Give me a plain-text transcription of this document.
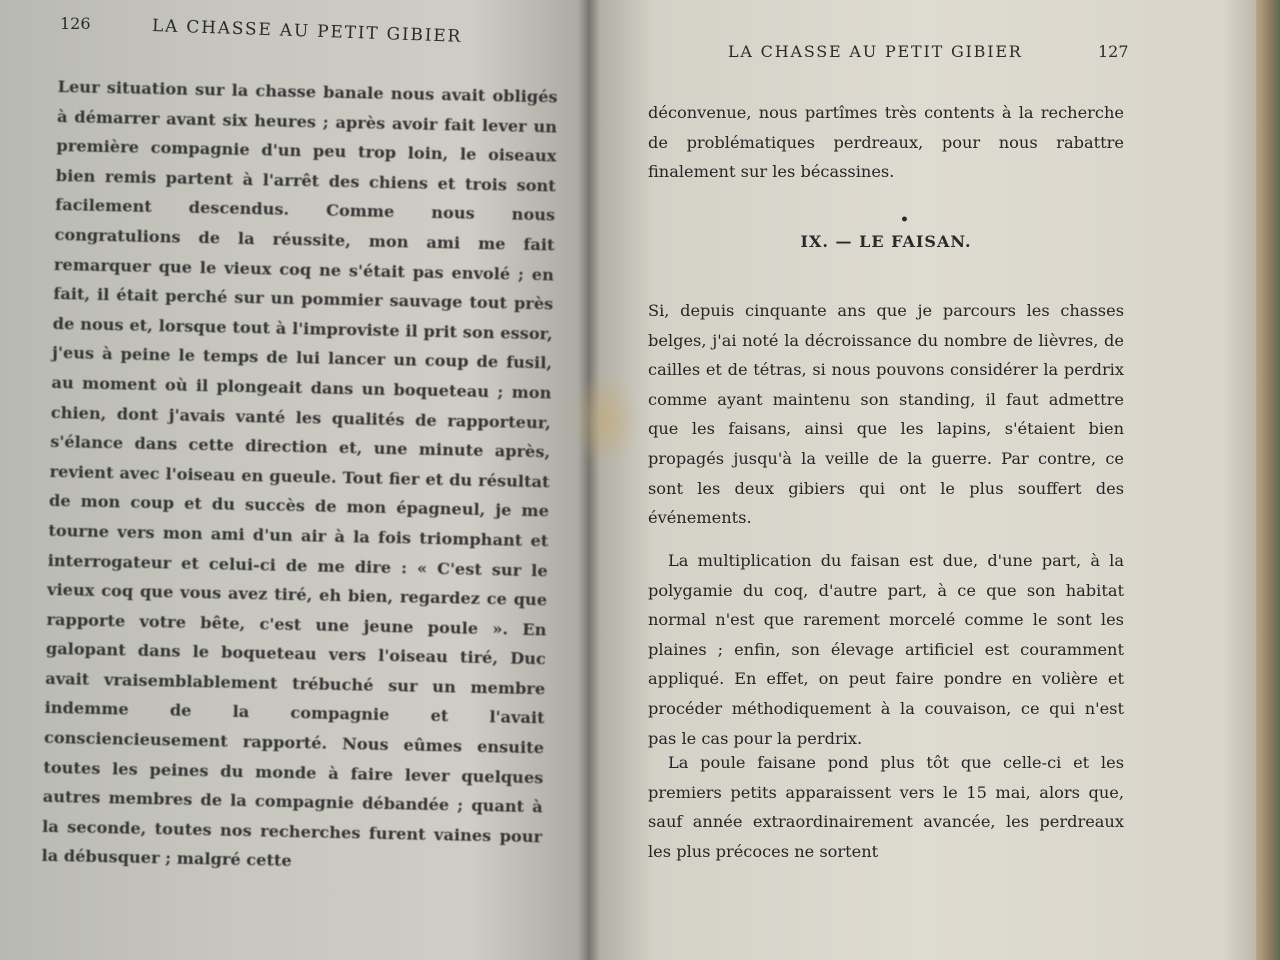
126	LA CHASSE AU PETIT GIBIER

Leur situation sur la chasse banale nous avait obligés à démarrer avant six heures ; après avoir fait lever un première compagnie d'un peu trop loin, le oiseaux bien remis partent à l'arrêt des chiens et trois sont facilement descendus. Comme nous nous congratulions de la réussite, mon ami me fait remarquer que le vieux coq ne s'était pas envolé ; en fait, il était perché sur un pommier sauvage tout près de nous et, lorsque tout à l'improviste il prit son essor, j'eus à peine le temps de lui lancer un coup de fusil, au moment où il plongeait dans un boqueteau ; mon chien, dont j'avais vanté les qualités de rapporteur, s'élance dans cette direction et, une minute après, revient avec l'oiseau en gueule. Tout fier et du résultat de mon coup et du succès de mon épagneul, je me tourne vers mon ami d'un air à la fois triomphant et interrogateur et celui-ci de me dire : « C'est sur le vieux coq que vous avez tiré, eh bien, regardez ce que rapporte votre bête, c'est une jeune poule ». En galopant dans le boqueteau vers l'oiseau tiré, Duc avait vraisemblablement trébuché sur un membre indemme de la compagnie et l'avait consciencieusement rapporté. Nous eûmes ensuite toutes les peines du monde à faire lever quelques autres membres de la compagnie débandée ; quant à la seconde, toutes nos recherches furent vaines pour la débusquer ; malgré cette

LA CHASSE AU PETIT GIBIER	127

déconvenue, nous partîmes très contents à la recherche de problématiques perdreaux, pour nous rabattre finalement sur les bécassines.

•
IX. — LE FAISAN.

Si, depuis cinquante ans que je parcours les chasses belges, j'ai noté la décroissance du nombre de lièvres, de cailles et de tétras, si nous pouvons considérer la perdrix comme ayant maintenu son standing, il faut admettre que les faisans, ainsi que les lapins, s'étaient bien propagés jusqu'à la veille de la guerre. Par contre, ce sont les deux gibiers qui ont le plus souffert des événements.

La multiplication du faisan est due, d'une part, à la polygamie du coq, d'autre part, à ce que son habitat normal n'est que rarement morcelé comme le sont les plaines ; enfin, son élevage artificiel est couramment appliqué. En effet, on peut faire pondre en volière et procéder méthodiquement à la couvaison, ce qui n'est pas le cas pour la perdrix.

La poule faisane pond plus tôt que celle-ci et les premiers petits apparaissent vers le 15 mai, alors que, sauf année extraordinairement avancée, les perdreaux les plus précoces ne sortent
